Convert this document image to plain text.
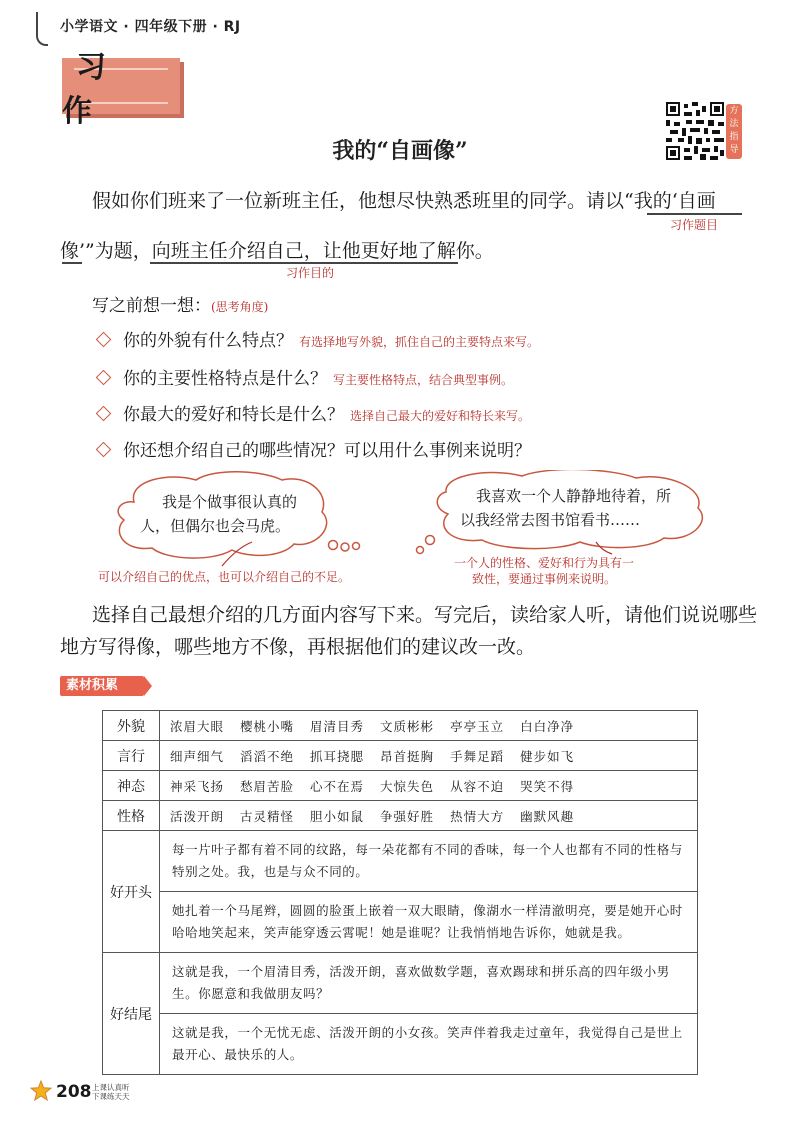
小学语文 · 四年级下册 · RJ
习 作	方法指导
我的“自画像”
假如你们班来了一位新班主任，他想尽快熟悉班里的同学。请以“我的‘自画
习作题目
像’”为题，向班主任介绍自己，让他更好地了解你。
习作目的
写之前想一想：(思考角度)
你的外貌有什么特点？ 有选择地写外貌，抓住自己的主要特点来写。
你的主要性格特点是什么？ 写主要性格特点，结合典型事例。
你最大的爱好和特长是什么？ 选择自己最大的爱好和特长来写。
你还想介绍自己的哪些情况？可以用什么事例来说明？
我是个做事很认真的
人，但偶尔也会马虎。
我喜欢一个人静静地待着，所
以我经常去图书馆看书……
可以介绍自己的优点，也可以介绍自己的不足。
一个人的性格、爱好和行为具有一
致性，要通过事例来说明。
选择自己最想介绍的几方面内容写下来。写完后，读给家人听，请他们说说哪些
地方写得像，哪些地方不像，再根据他们的建议改一改。
素材积累
外貌	浓眉大眼 樱桃小嘴 眉清目秀 文质彬彬 亭亭玉立 白白净净
言行	细声细气 滔滔不绝 抓耳挠腮 昂首挺胸 手舞足蹈 健步如飞
神态	神采飞扬 愁眉苦脸 心不在焉 大惊失色 从容不迫 哭笑不得
性格	活泼开朗 古灵精怪 胆小如鼠 争强好胜 热情大方 幽默风趣
好开头	每一片叶子都有着不同的纹路，每一朵花都有不同的香味，每一个人也都有不同的性格与特别之处。我，也是与众不同的。
	她扎着一个马尾辫，圆圆的脸蛋上嵌着一双大眼睛，像湖水一样清澈明亮，要是她开心时哈哈地笑起来，笑声能穿透云霄呢！她是谁呢？让我悄悄地告诉你，她就是我。
好结尾	这就是我，一个眉清目秀，活泼开朗，喜欢做数学题，喜欢踢球和拼乐高的四年级小男生。你愿意和我做朋友吗？
	这就是我，一个无忧无虑、活泼开朗的小女孩。笑声伴着我走过童年，我觉得自己是世上最开心、最快乐的人。
208 上课认真听
下课练天天
